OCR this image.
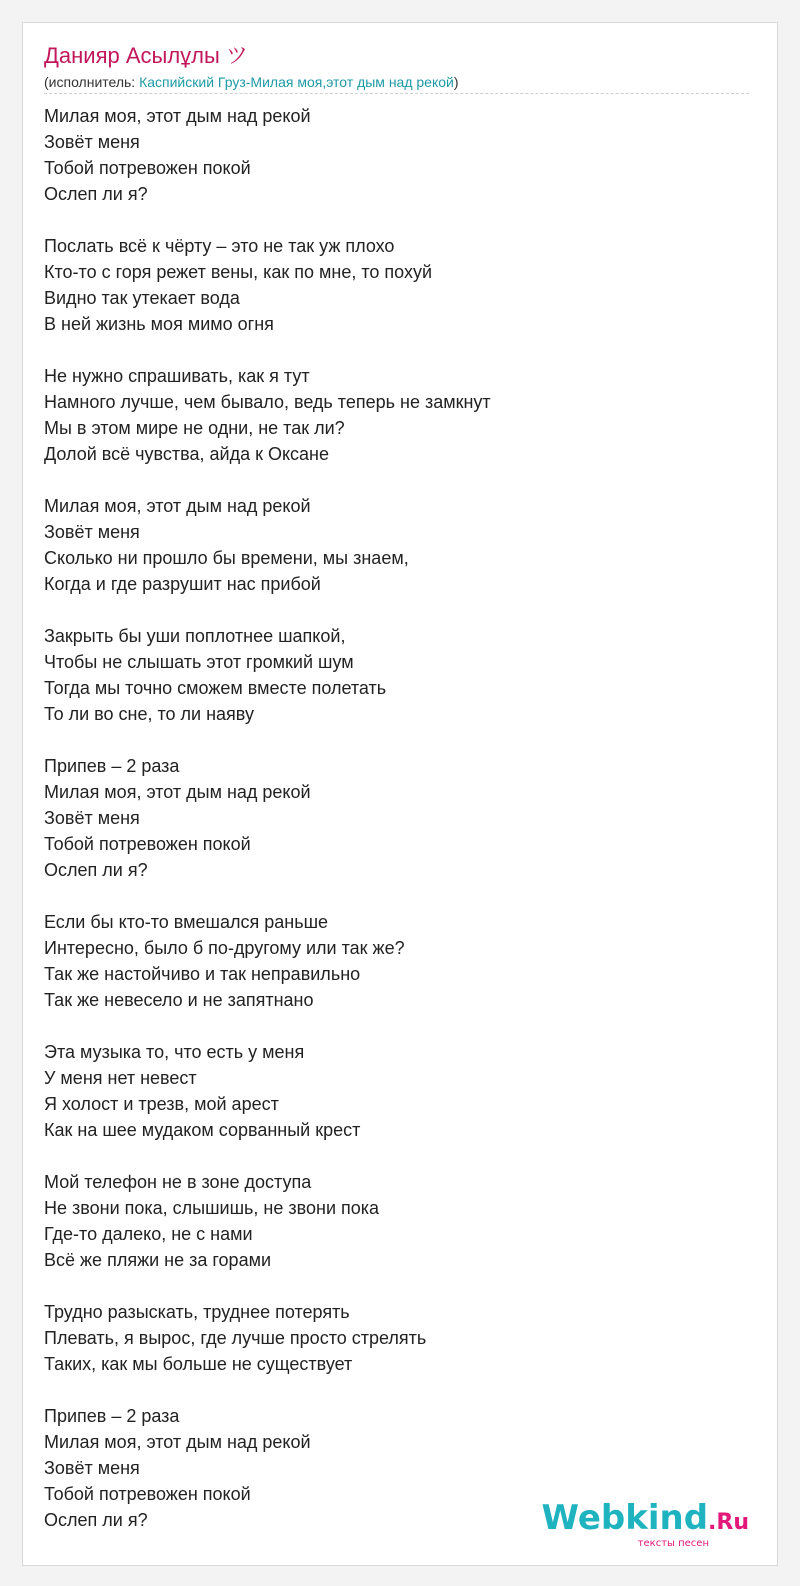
Данияр Асылұлы ツ
(исполнитель: Каспийский Груз-Милая моя,этот дым над рекой)
Милая моя, этот дым над рекой
Зовёт меня
Тобой потревожен покой
Ослеп ли я?
Послать всё к чёрту – это не так уж плохо
Кто-то с горя режет вены, как по мне, то похуй
Видно так утекает вода
В ней жизнь моя мимо огня
Не нужно спрашивать, как я тут
Намного лучше, чем бывало, ведь теперь не замкнут
Мы в этом мире не одни, не так ли?
Долой всё чувства, айда к Оксане
Милая моя, этот дым над рекой
Зовёт меня
Сколько ни прошло бы времени, мы знаем,
Когда и где разрушит нас прибой
Закрыть бы уши поплотнее шапкой,
Чтобы не слышать этот громкий шум
Тогда мы точно сможем вместе полетать
То ли во сне, то ли наяву
Припев – 2 раза
Милая моя, этот дым над рекой
Зовёт меня
Тобой потревожен покой
Ослеп ли я?
Если бы кто-то вмешался раньше
Интересно, было б по-другому или так же?
Так же настойчиво и так неправильно
Так же невесело и не запятнано
Эта музыка то, что есть у меня
У меня нет невест
Я холост и трезв, мой арест
Как на шее мудаком сорванный крест
Мой телефон не в зоне доступа
Не звони пока, слышишь, не звони пока
Где-то далеко, не с нами
Всё же пляжи не за горами
Трудно разыскать, труднее потерять
Плевать, я вырос, где лучше просто стрелять
Таких, как мы больше не существует
Припев – 2 раза
Милая моя, этот дым над рекой
Зовёт меня
Тобой потревожен покой
Ослеп ли я?	Webkind.Ru
тексты песен
